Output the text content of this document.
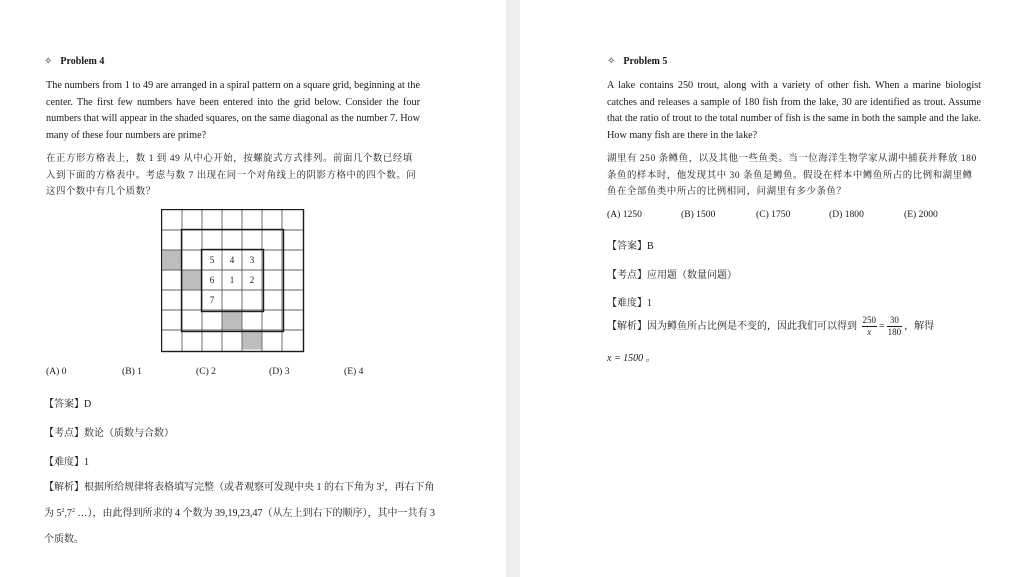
✧ Problem 4
The numbers from 1 to 49 are arranged in a spiral pattern on a square grid, beginning at the center. The first few numbers have been entered into the grid below. Consider the four numbers that will appear in the shaded squares, on the same diagonal as the number 7. How many of these four numbers are prime?
在正方形方格表上，数 1 到 49 从中心开始，按螺旋式方式排列。前面几个数已经填入到下面的方格表中。考虑与数 7 出现在同一个对角线上的阴影方格中的四个数。问这四个数中有几个质数？
5 4 3
6 1 2
7
(A) 0	(B) 1	(C) 2	(D) 3	(E) 4
【答案】D
【考点】数论（质数与合数）
【难度】1
【解析】根据所给规律将表格填写完整（或者观察可发现中央 1 的右下角为 $3^2$，再右下角为 $5^2,7^2$ …），由此得到所求的 4 个数为 39,19,23,47（从左上到右下的顺序），其中一共有 3 个质数。
✧ Problem 5
A lake contains 250 trout, along with a variety of other fish. When a marine biologist catches and releases a sample of 180 fish from the lake, 30 are identified as trout. Assume that the ratio of trout to the total number of fish is the same in both the sample and the lake. How many fish are there in the lake?
湖里有 250 条鳟鱼，以及其他一些鱼类。当一位海洋生物学家从湖中捕获并释放 180 条鱼的样本时，他发现其中 30 条鱼是鳟鱼。假设在样本中鳟鱼所占的比例和湖里鳟鱼在全部鱼类中所占的比例相同，问湖里有多少条鱼？
(A) 1250	(B) 1500	(C) 1750	(D) 1800	(E) 2000
【答案】B
【考点】应用题（数量问题）
【难度】1
【解析】因为鳟鱼所占比例是不变的，因此我们可以得到 $\frac{250}{x} = \frac{30}{180}$ ，解得
x = 1500 。
